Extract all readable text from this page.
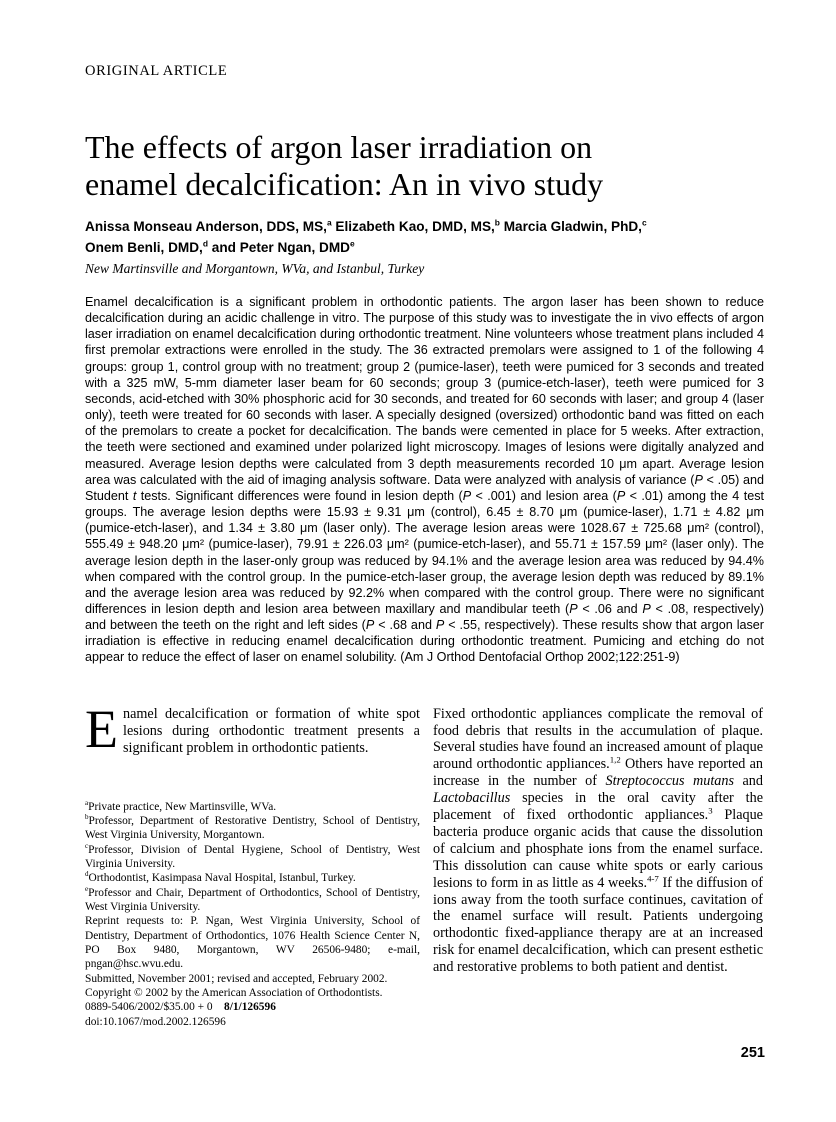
ORIGINAL ARTICLE
The effects of argon laser irradiation on
enamel decalcification: An in vivo study
Anissa Monseau Anderson, DDS, MS,$^a$ Elizabeth Kao, DMD, MS,$^b$ Marcia Gladwin, PhD,$^c$
Onem Benli, DMD,$^d$ and Peter Ngan, DMDe
New Martinsville and Morgantown, WVa, and Istanbul, Turkey

Enamel decalcification is a significant problem in orthodontic patients. The argon laser has been shown to reduce decalcification during an acidic challenge in vitro. The purpose of this study was to investigate the in vivo effects of argon laser irradiation on enamel decalcification during orthodontic treatment. Nine volunteers whose treatment plans included 4 first premolar extractions were enrolled in the study. The 36 extracted premolars were assigned to 1 of the following 4 groups: group 1, control group with no treatment; group 2 (pumice-laser), teeth were pumiced for 3 seconds and treated with a 325 mW, 5-mm diameter laser beam for 60 seconds; group 3 (pumice-etch-laser), teeth were pumiced for 3 seconds, acid-etched with 30% phosphoric acid for 30 seconds, and treated for 60 seconds with laser; and group 4 (laser only), teeth were treated for 60 seconds with laser. A specially designed (oversized) orthodontic band was fitted on each of the premolars to create a pocket for decalcification. The bands were cemented in place for 5 weeks. After extraction, the teeth were sectioned and examined under polarized light microscopy. Images of lesions were digitally analyzed and measured. Average lesion depths were calculated from 3 depth measurements recorded 10 μm apart. Average lesion area was calculated with the aid of imaging analysis software. Data were analyzed with analysis of variance (P < .05) and Student t tests. Significant differences were found in lesion depth (P < .001) and lesion area (P < .01) among the 4 test groups. The average lesion depths were 15.93 ± 9.31 μm (control), 6.45 ± 8.70 μm (pumice-laser), 1.71 ± 4.82 μm (pumice-etch-laser), and 1.34 ± 3.80 μm (laser only). The average lesion areas were 1028.67 ± 725.68 μm² (control), 555.49 ± 948.20 μm² (pumice-laser), 79.91 ± 226.03 μm² (pumice-etch-laser), and 55.71 ± 157.59 μm² (laser only). The average lesion depth in the laser-only group was reduced by 94.1% and the average lesion area was reduced by 94.4% when compared with the control group. In the pumice-etch-laser group, the average lesion depth was reduced by 89.1% and the average lesion area was reduced by 92.2% when compared with the control group. There were no significant differences in lesion depth and lesion area between maxillary and mandibular teeth (P < .06 and P < .08, respectively) and between the teeth on the right and left sides (P < .68 and P < .55, respectively). These results show that argon laser irradiation is effective in reducing enamel decalcification during orthodontic treatment. Pumicing and etching do not appear to reduce the effect of laser on enamel solubility. (Am J Orthod Dentofacial Orthop 2002;122:251-9)

Enamel decalcification or formation of white spot lesions during orthodontic treatment presents a significant problem in orthodontic patients.

$^a$Private practice, New Martinsville, WVa.

$^b$Professor, Department of Restorative Dentistry, School of Dentistry, West Virginia University, Morgantown.

$^c$Professor, Division of Dental Hygiene, School of Dentistry, West Virginia University.

$^d$Orthodontist, Kasimpasa Naval Hospital, Istanbul, Turkey.

$^e$Professor and Chair, Department of Orthodontics, School of Dentistry, West Virginia University.

Reprint requests to: P. Ngan, West Virginia University, School of Dentistry, Department of Orthodontics, 1076 Health Science Center N, PO Box 9480, Morgantown, WV 26506-9480; e-mail, pngan@hsc.wvu.edu.

Submitted, November 2001; revised and accepted, February 2002.

Copyright © 2002 by the American Association of Orthodontists.

0889-5406/2002/$35.00 + 0 8/1/126596

doi:10.1067/mod.2002.126596

Fixed orthodontic appliances complicate the removal of food debris that results in the accumulation of plaque. Several studies have found an increased amount of plaque around orthodontic appliances.$^{1,2}$ Others have reported an increase in the number of Streptococcus mutans and Lactobacillus species in the oral cavity after the placement of fixed orthodontic appliances.$^3$ Plaque bacteria produce organic acids that cause the dissolution of calcium and phosphate ions from the enamel surface. This dissolution can cause white spots or early carious lesions to form in as little as 4 weeks.$^{4-7}$ If the diffusion of ions away from the tooth surface continues, cavitation of the enamel surface will result. Patients undergoing orthodontic fixed-appliance therapy are at an increased risk for enamel decalcification, which can present esthetic and restorative problems to both patient and dentist.

251
